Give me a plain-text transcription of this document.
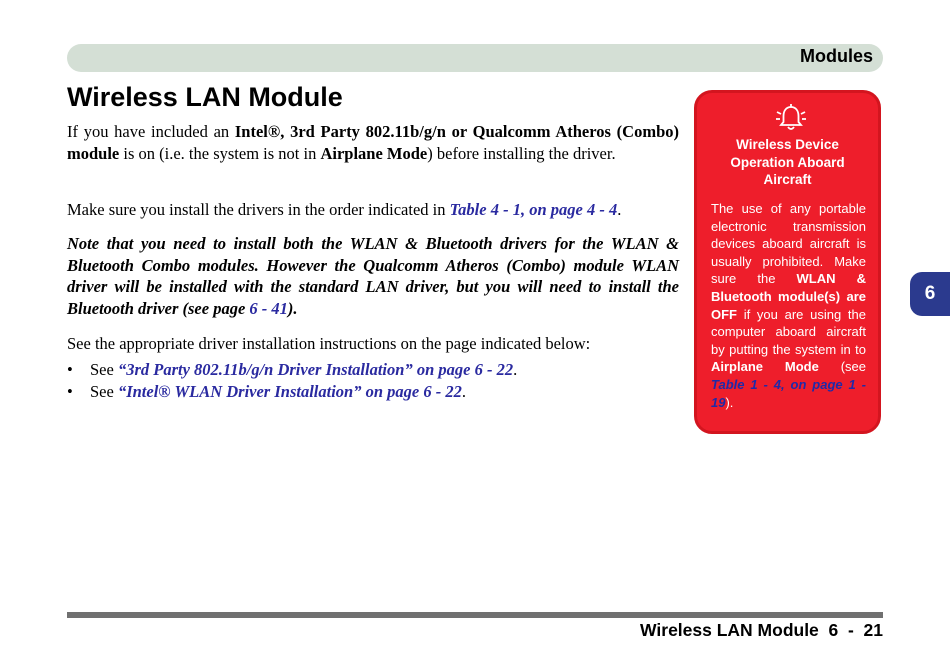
Modules
Wireless LAN Module

If you have included an Intel®, 3rd Party 802.11b/g/n or Qualcomm Atheros (Combo) module is on (i.e. the system is not in Airplane Mode) before installing the driver.

Make sure you install the drivers in the order indicated in Table 4 - 1, on page 4 - 4.

Note that you need to install both the WLAN & Bluetooth drivers for the WLAN & Bluetooth Combo modules. However the Qualcomm Atheros (Combo) module WLAN driver will be installed with the standard LAN driver, but you will need to install the Bluetooth driver (see page 6 - 41).

See the appropriate driver installation instructions on the page indicated below:

• See “3rd Party 802.11b/g/n Driver Installation” on page 6 - 22.
• See “Intel® WLAN Driver Installation” on page 6 - 22.
Wireless Device Operation Aboard Aircraft
The use of any portable electronic transmission devices aboard aircraft is usually prohibited. Make sure the WLAN & Bluetooth module(s) are OFF if you are using the computer aboard aircraft by putting the system in to Airplane Mode (see Table 1 - 4, on page 1 - 19).
6
Wireless LAN Module  6  -  21
